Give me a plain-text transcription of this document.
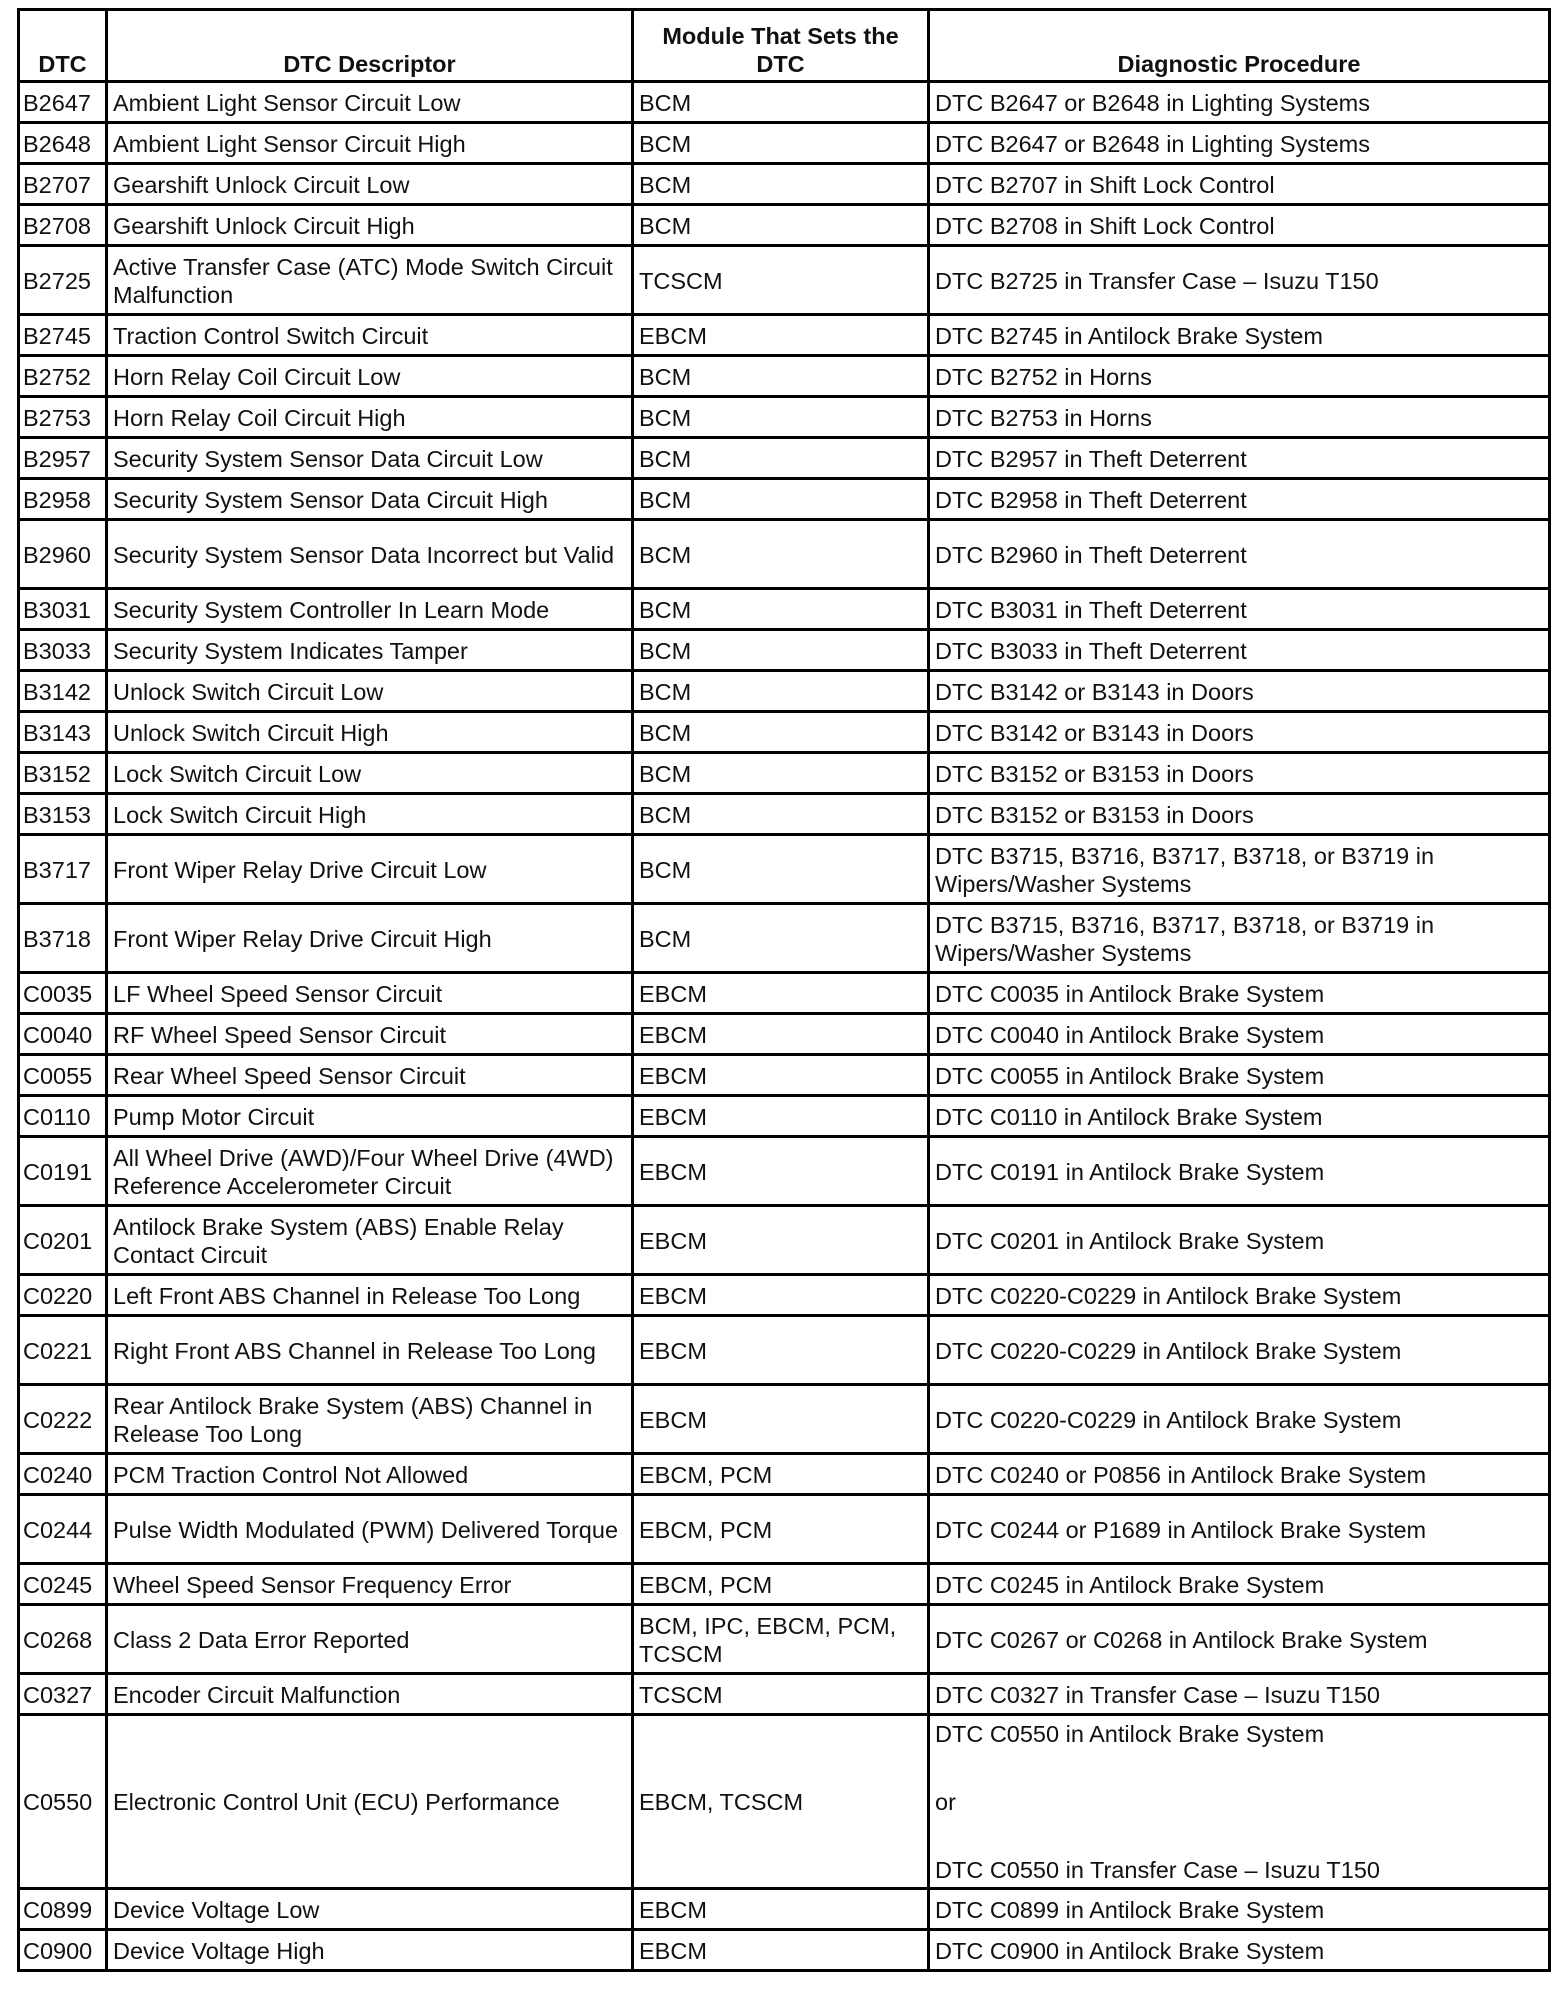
DTC	DTC Descriptor	Module That Sets the DTC	Diagnostic Procedure
B2647	Ambient Light Sensor Circuit Low	BCM	DTC B2647 or B2648 in Lighting Systems

B2648	Ambient Light Sensor Circuit High	BCM	DTC B2647 or B2648 in Lighting Systems

B2707	Gearshift Unlock Circuit Low	BCM	DTC B2707 in Shift Lock Control

B2708	Gearshift Unlock Circuit High	BCM	DTC B2708 in Shift Lock Control

B2725	Active Transfer Case (ATC) Mode Switch Circuit Malfunction	TCSCM	DTC B2725 in Transfer Case – Isuzu T150

B2745	Traction Control Switch Circuit	EBCM	DTC B2745 in Antilock Brake System

B2752	Horn Relay Coil Circuit Low	BCM	DTC B2752 in Horns

B2753	Horn Relay Coil Circuit High	BCM	DTC B2753 in Horns

B2957	Security System Sensor Data Circuit Low	BCM	DTC B2957 in Theft Deterrent

B2958	Security System Sensor Data Circuit High	BCM	DTC B2958 in Theft Deterrent

B2960	Security System Sensor Data Incorrect but Valid	BCM	DTC B2960 in Theft Deterrent

B3031	Security System Controller In Learn Mode	BCM	DTC B3031 in Theft Deterrent

B3033	Security System Indicates Tamper	BCM	DTC B3033 in Theft Deterrent

B3142	Unlock Switch Circuit Low	BCM	DTC B3142 or B3143 in Doors

B3143	Unlock Switch Circuit High	BCM	DTC B3142 or B3143 in Doors

B3152	Lock Switch Circuit Low	BCM	DTC B3152 or B3153 in Doors

B3153	Lock Switch Circuit High	BCM	DTC B3152 or B3153 in Doors

B3717	Front Wiper Relay Drive Circuit Low	BCM	DTC B3715, B3716, B3717, B3718, or B3719 in Wipers/Washer Systems

B3718	Front Wiper Relay Drive Circuit High	BCM	DTC B3715, B3716, B3717, B3718, or B3719 in Wipers/Washer Systems

C0035	LF Wheel Speed Sensor Circuit	EBCM	DTC C0035 in Antilock Brake System

C0040	RF Wheel Speed Sensor Circuit	EBCM	DTC C0040 in Antilock Brake System

C0055	Rear Wheel Speed Sensor Circuit	EBCM	DTC C0055 in Antilock Brake System

C0110	Pump Motor Circuit	EBCM	DTC C0110 in Antilock Brake System

C0191	All Wheel Drive (AWD)/Four Wheel Drive (4WD) Reference Accelerometer Circuit	EBCM	DTC C0191 in Antilock Brake System

C0201	Antilock Brake System (ABS) Enable Relay Contact Circuit	EBCM	DTC C0201 in Antilock Brake System

C0220	Left Front ABS Channel in Release Too Long	EBCM	DTC C0220-C0229 in Antilock Brake System

C0221	Right Front ABS Channel in Release Too Long	EBCM	DTC C0220-C0229 in Antilock Brake System

C0222	Rear Antilock Brake System (ABS) Channel in Release Too Long	EBCM	DTC C0220-C0229 in Antilock Brake System

C0240	PCM Traction Control Not Allowed	EBCM, PCM	DTC C0240 or P0856 in Antilock Brake System

C0244	Pulse Width Modulated (PWM) Delivered Torque	EBCM, PCM	DTC C0244 or P1689 in Antilock Brake System

C0245	Wheel Speed Sensor Frequency Error	EBCM, PCM	DTC C0245 in Antilock Brake System

C0268	Class 2 Data Error Reported	BCM, IPC, EBCM, PCM, TCSCM	DTC C0267 or C0268 in Antilock Brake System

C0327	Encoder Circuit Malfunction	TCSCM	DTC C0327 in Transfer Case – Isuzu T150

C0550	Electronic Control Unit (ECU) Performance	EBCM, TCSCM	DTC C0550 in Antilock Brake System
or
DTC C0550 in Transfer Case – Isuzu T150

C0899	Device Voltage Low	EBCM	DTC C0899 in Antilock Brake System

C0900	Device Voltage High	EBCM	DTC C0900 in Antilock Brake System
